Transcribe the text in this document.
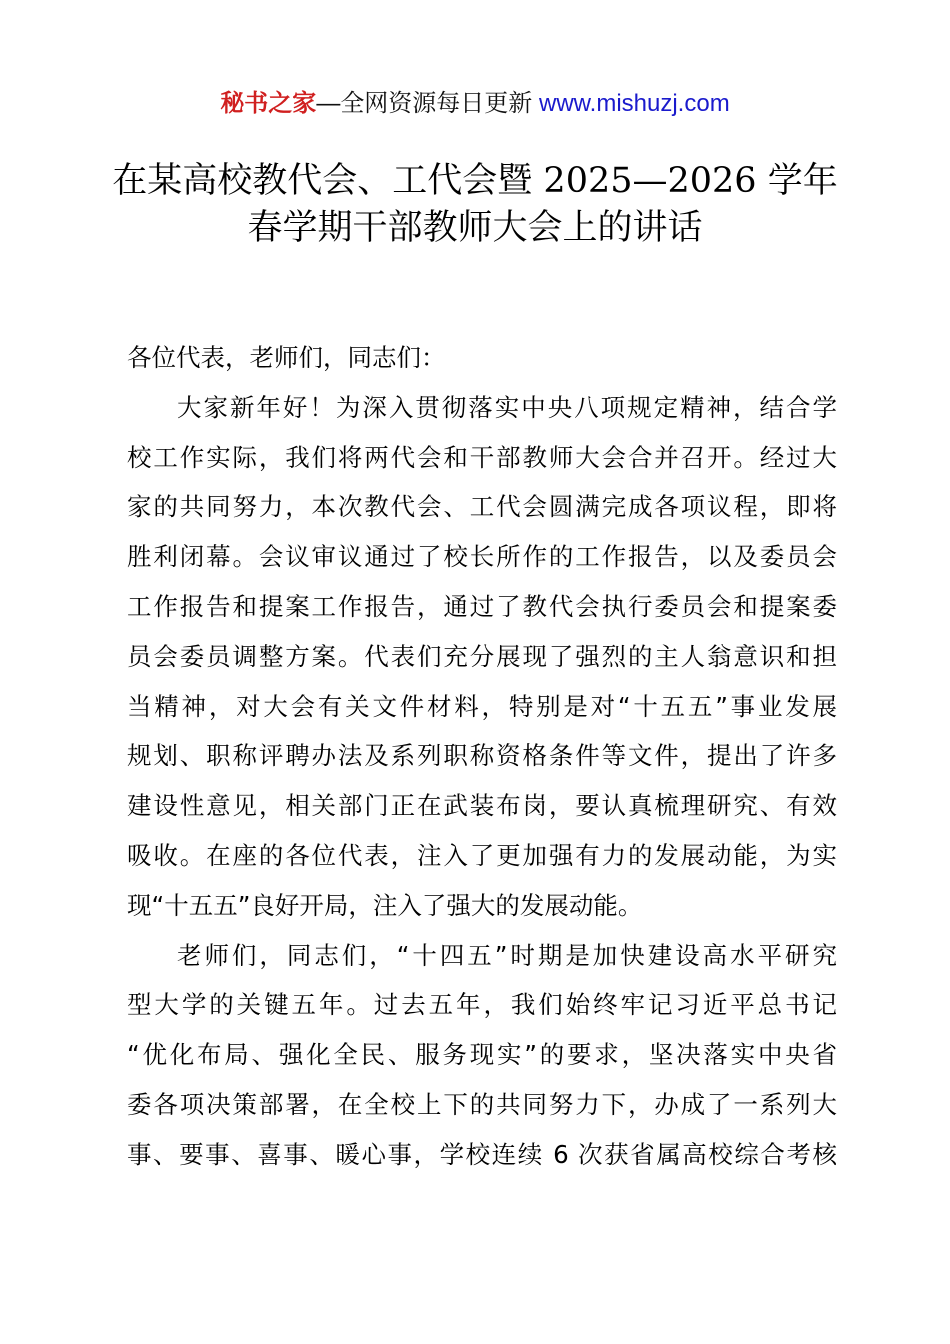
秘书之家—全网资源每日更新 www.mishuzj.com
在某高校教代会、工代会暨 2025—2026 学年
春学期干部教师大会上的讲话
各位代表，老师们，同志们：
大家新年好！为深入贯彻落实中央八项规定精神，结合学
校工作实际，我们将两代会和干部教师大会合并召开。经过大
家的共同努力，本次教代会、工代会圆满完成各项议程，即将
胜利闭幕。会议审议通过了校长所作的工作报告，以及委员会
工作报告和提案工作报告，通过了教代会执行委员会和提案委
员会委员调整方案。代表们充分展现了强烈的主人翁意识和担
当精神，对大会有关文件材料，特别是对“十五五”事业发展
规划、职称评聘办法及系列职称资格条件等文件，提出了许多
建设性意见，相关部门正在武装布岗，要认真梳理研究、有效
吸收。在座的各位代表，注入了更加强有力的发展动能，为实
现“十五五”良好开局，注入了强大的发展动能。
老师们，同志们，“十四五”时期是加快建设高水平研究
型大学的关键五年。过去五年，我们始终牢记习近平总书记
“优化布局、强化全民、服务现实”的要求，坚决落实中央省
委各项决策部署，在全校上下的共同努力下，办成了一系列大
事、要事、喜事、暖心事，学校连续 6 次获省属高校综合考核
